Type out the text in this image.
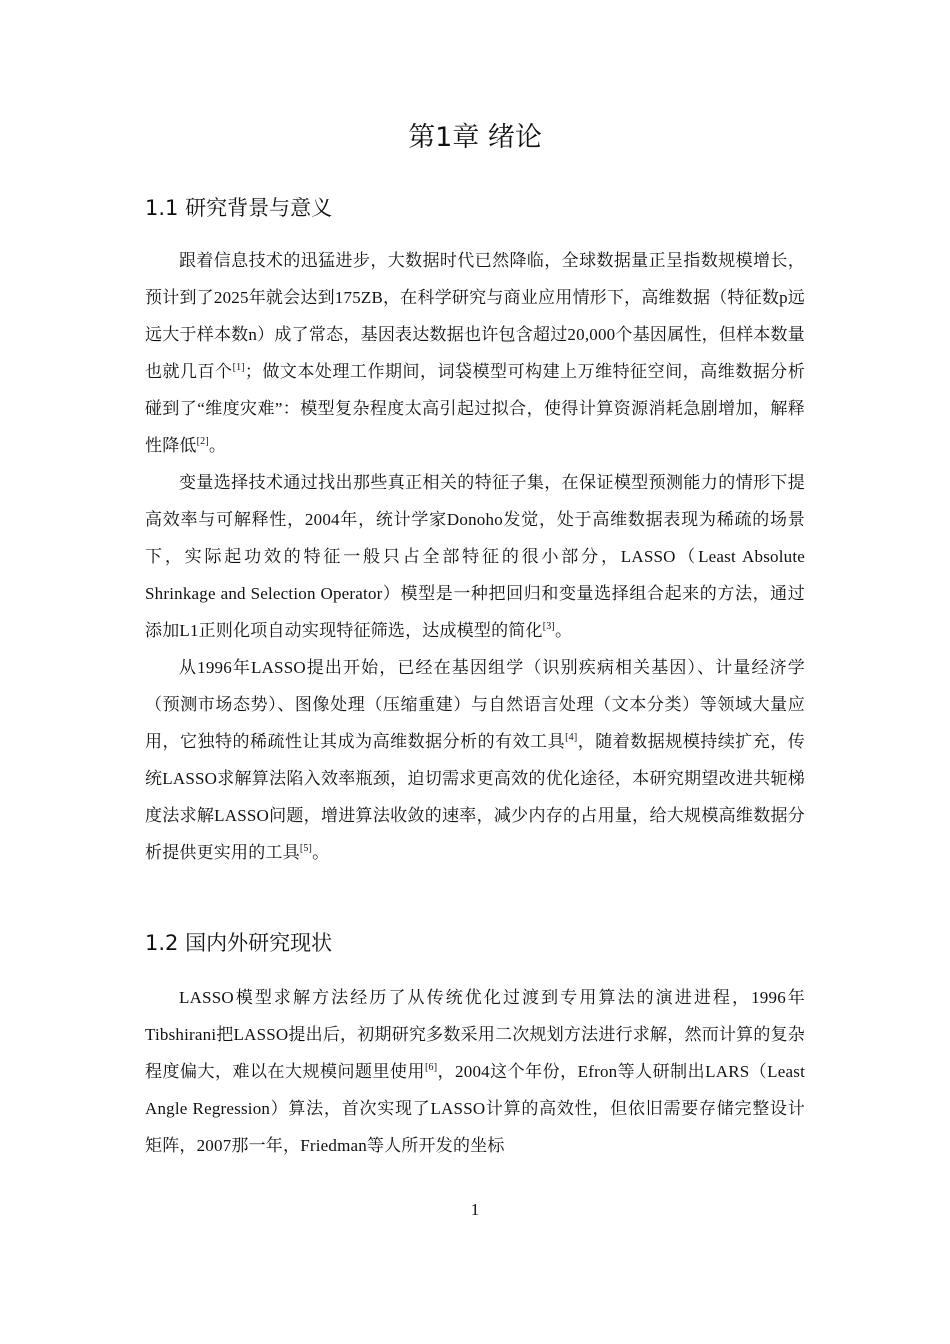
第1章 绪论
1.1 研究背景与意义

跟着信息技术的迅猛进步，大数据时代已然降临，全球数据量正呈指数规模增长，预计到了2025年就会达到175ZB，在科学研究与商业应用情形下，高维数据（特征数p远远大于样本数n）成了常态，基因表达数据也许包含超过20,000个基因属性，但样本数量也就几百个[1]；做文本处理工作期间，词袋模型可构建上万维特征空间，高维数据分析碰到了“维度灾难”：模型复杂程度太高引起过拟合，使得计算资源消耗急剧增加，解释性降低[2]。

变量选择技术通过找出那些真正相关的特征子集，在保证模型预测能力的情形下提高效率与可解释性，2004年，统计学家Donoho发觉，处于高维数据表现为稀疏的场景下，实际起功效的特征一般只占全部特征的很小部分，LASSO（Least Absolute Shrinkage and Selection Operator）模型是一种把回归和变量选择组合起来的方法，通过添加L1正则化项自动实现特征筛选，达成模型的简化[3]。

从1996年LASSO提出开始，已经在基因组学（识别疾病相关基因）、计量经济学（预测市场态势）、图像处理（压缩重建）与自然语言处理（文本分类）等领域大量应用，它独特的稀疏性让其成为高维数据分析的有效工具[4]，随着数据规模持续扩充，传统LASSO求解算法陷入效率瓶颈，迫切需求更高效的优化途径，本研究期望改进共轭梯度法求解LASSO问题，增进算法收敛的速率，减少内存的占用量，给大规模高维数据分析提供更实用的工具[5]。

1.2 国内外研究现状

LASSO模型求解方法经历了从传统优化过渡到专用算法的演进进程，1996年Tibshirani把LASSO提出后，初期研究多数采用二次规划方法进行求解，然而计算的复杂程度偏大，难以在大规模问题里使用[6]，2004这个年份，Efron等人研制出LARS（Least Angle Regression）算法，首次实现了LASSO计算的高效性，但依旧需要存储完整设计矩阵，2007那一年，Friedman等人所开发的坐标

1
